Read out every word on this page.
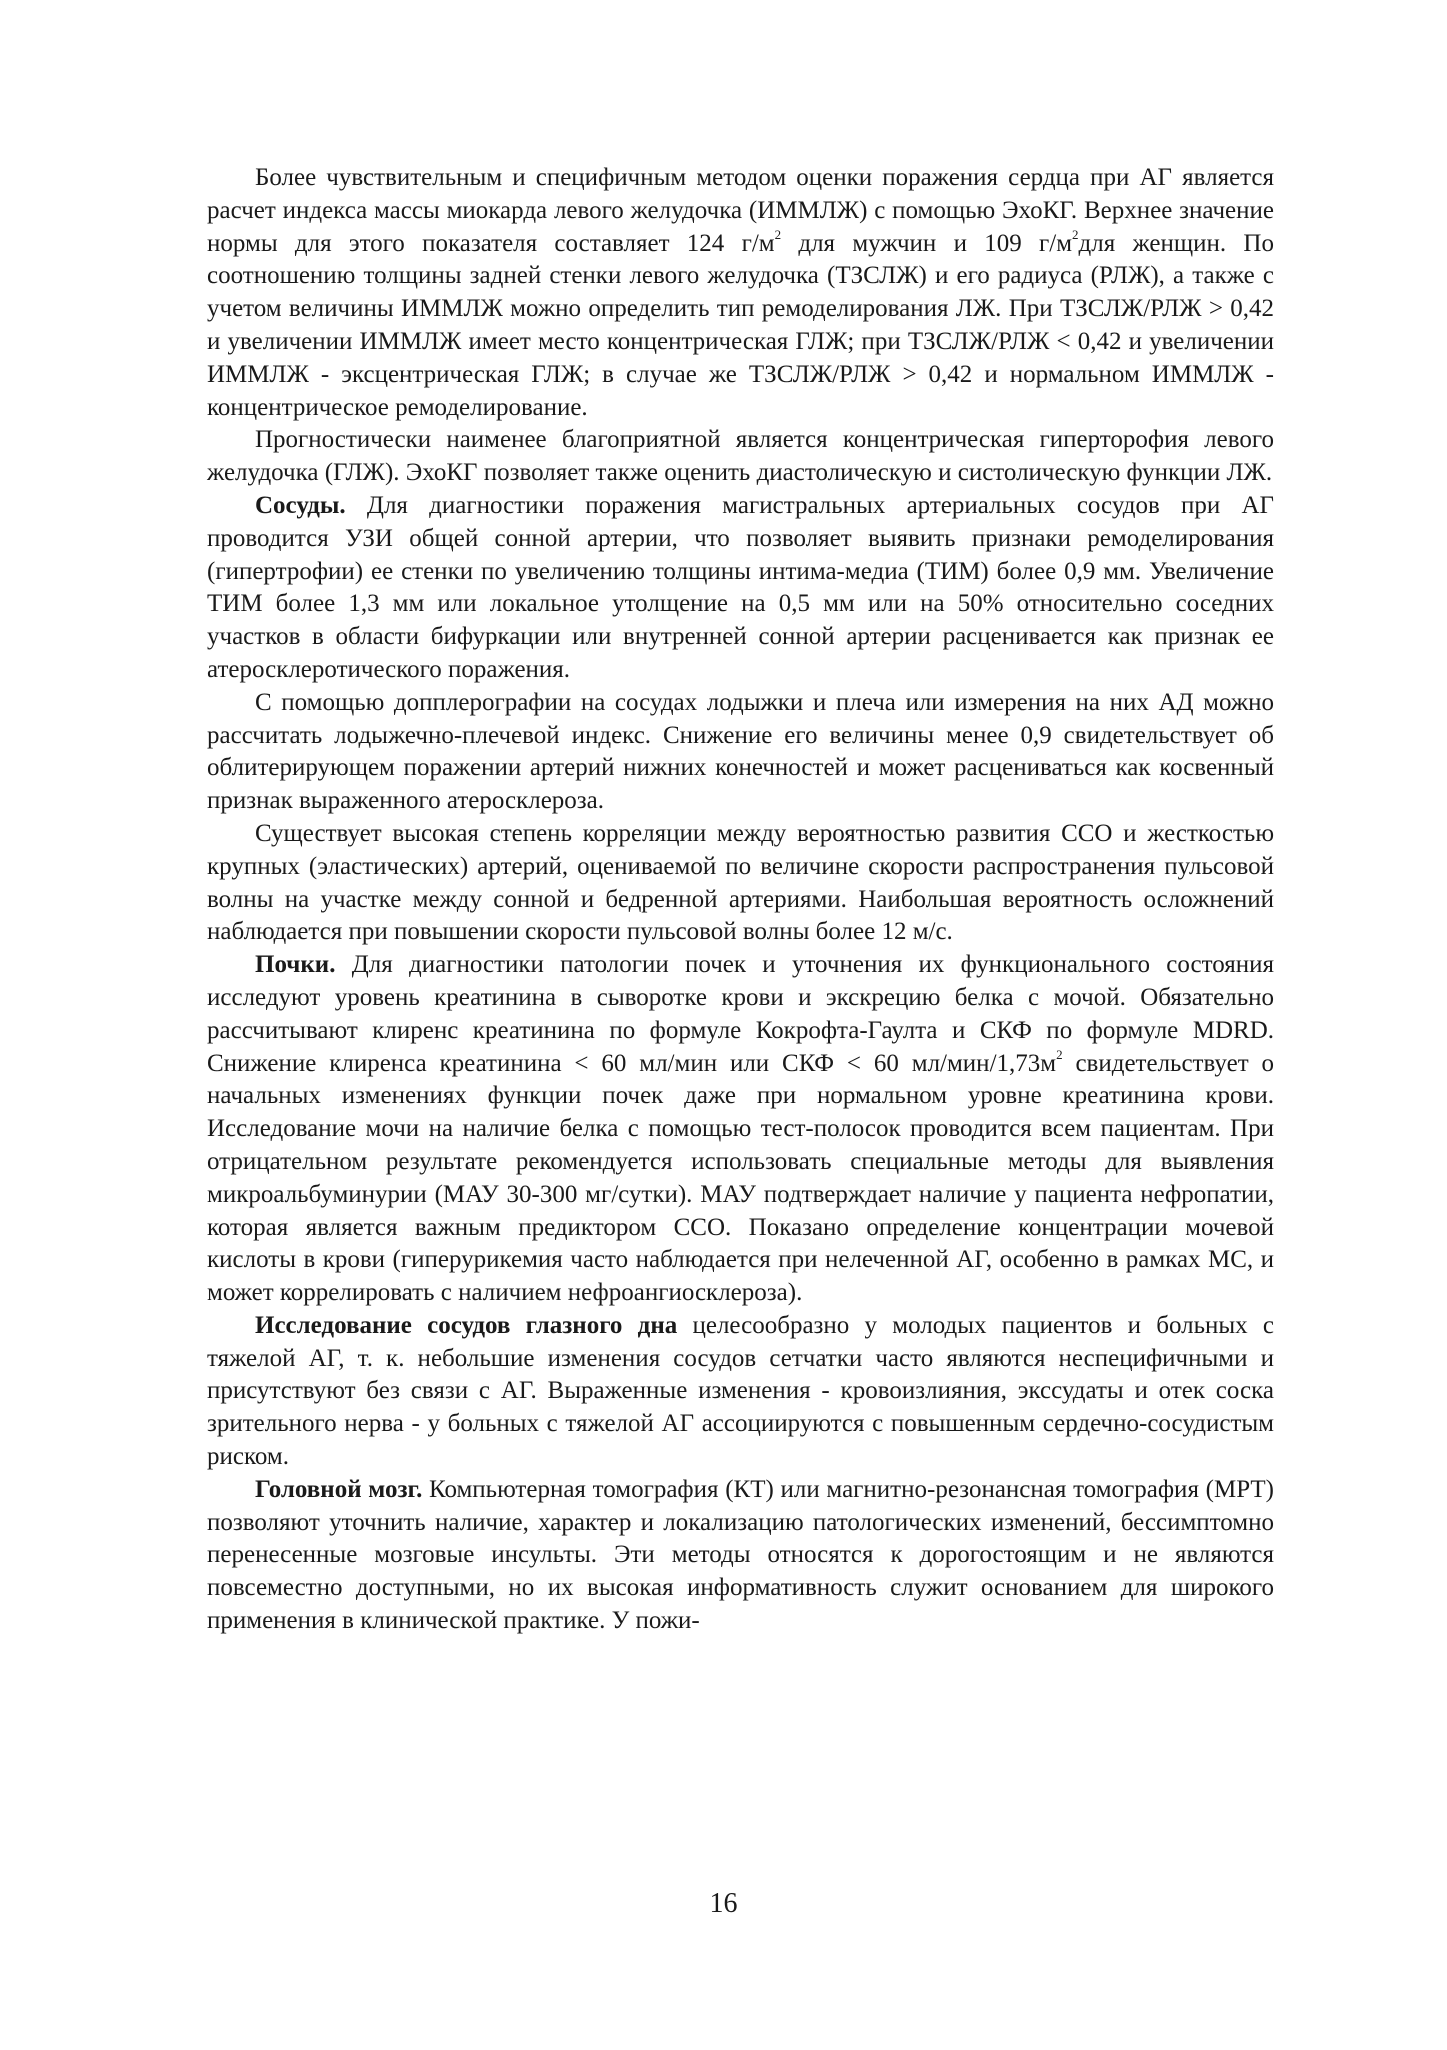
Более чувствительным и специфичным методом оценки поражения сердца при АГ является расчет индекса массы миокарда левого желудочка (ИММЛЖ) с помощью ЭхоКГ. Верхнее значение нормы для этого показателя составляет 124 $г/м^2$ для мужчин и 109 $г/м^2для$ женщин. По соотношению толщины задней стенки левого желудочка (ТЗСЛЖ) и его радиуса (РЛЖ), а также с учетом величины ИММЛЖ можно определить тип ремоделирования ЛЖ. При ТЗСЛЖ/РЛЖ > 0,42 и увеличении ИММЛЖ имеет место концентрическая ГЛЖ; при ТЗСЛЖ/РЛЖ < 0,42 и увеличении ИММЛЖ - эксцентрическая ГЛЖ; в случае же ТЗСЛЖ/РЛЖ > 0,42 и нормальном ИММЛЖ - концентрическое ремоделирование.

Прогностически наименее благоприятной является концентрическая гиперторофия левого желудочка (ГЛЖ). ЭхоКГ позволяет также оценить диастолическую и систолическую функции ЛЖ.

Сосуды. Для диагностики поражения магистральных артериальных сосудов при АГ проводится УЗИ общей сонной артерии, что позволяет выявить признаки ремоделирования (гипертрофии) ее стенки по увеличению толщины интима-медиа (ТИМ) более 0,9 мм. Увеличение ТИМ более 1,3 мм или локальное утолщение на 0,5 мм или на 50% относительно соседних участков в области бифуркации или внутренней сонной артерии расценивается как признак ее атеросклеротического поражения.

С помощью допплерографии на сосудах лодыжки и плеча или измерения на них АД можно рассчитать лодыжечно-плечевой индекс. Снижение его величины менее 0,9 свидетельствует об облитерирующем поражении артерий нижних конечностей и может расцениваться как косвенный признак выраженного атеросклероза.

Существует высокая степень корреляции между вероятностью развития ССО и жесткостью крупных (эластических) артерий, оцениваемой по величине скорости распространения пульсовой волны на участке между сонной и бедренной артериями. Наибольшая вероятность осложнений наблюдается при повышении скорости пульсовой волны более 12 м/с.

Почки. Для диагностики патологии почек и уточнения их функционального состояния исследуют уровень креатинина в сыворотке крови и экскрецию белка с мочой. Обязательно рассчитывают клиренс креатинина по формуле Кокрофта-Гаулта и СКФ по формуле MDRD. Снижение клиренса креатинина < 60 мл/мин или СКФ < 60 $мл/мин/1,73м^2$ свидетельствует о начальных изменениях функции почек даже при нормальном уровне креатинина крови. Исследование мочи на наличие белка с помощью тест-полосок проводится всем пациентам. При отрицательном результате рекомендуется использовать специальные методы для выявления микроальбуминурии (МАУ 30-300 мг/сутки). МАУ подтверждает наличие у пациента нефропатии, которая является важным предиктором ССО. Показано определение концентрации мочевой кислоты в крови (гиперурикемия часто наблюдается при нелеченной АГ, особенно в рамках МС, и может коррелировать с наличием нефроангиосклероза).

Исследование сосудов глазного дна целесообразно у молодых пациентов и больных с тяжелой АГ, т. к. небольшие изменения сосудов сетчатки часто являются неспецифичными и присутствуют без связи с АГ. Выраженные изменения - кровоизлияния, экссудаты и отек соска зрительного нерва - у больных с тяжелой АГ ассоциируются с повышенным сердечно-сосудистым риском.

Головной мозг. Компьютерная томография (КТ) или магнитно-резонансная томография (МРТ) позволяют уточнить наличие, характер и локализацию патологических изменений, бессимптомно перенесенные мозговые инсульты. Эти методы относятся к дорогостоящим и не являются повсеместно доступными, но их высокая информативность служит основанием для широкого применения в клинической практике. У пожи-

16
